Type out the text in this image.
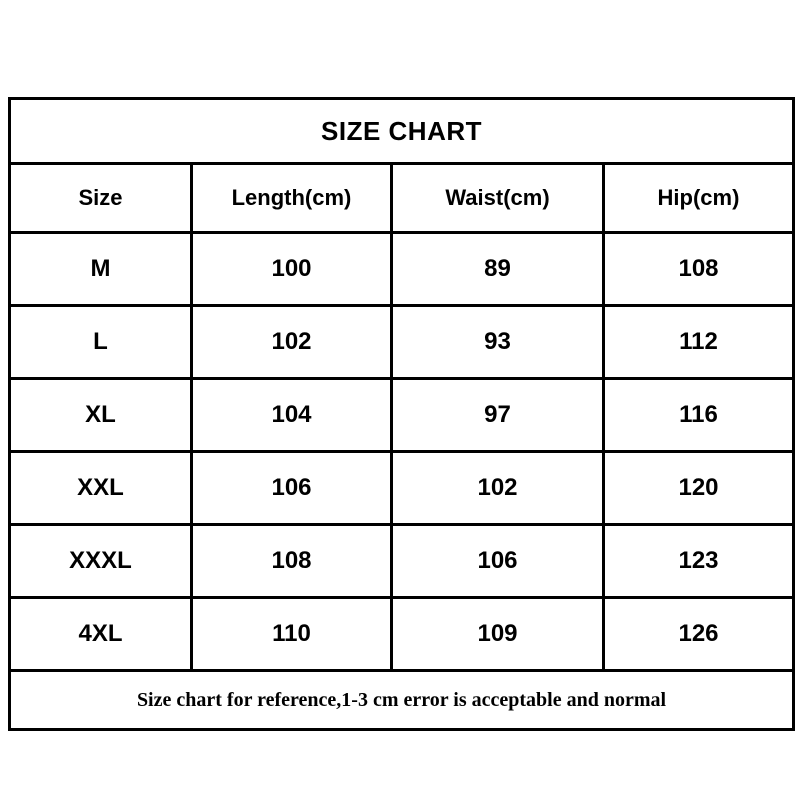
SIZE CHART			
Size	Length(cm)	Waist(cm)	Hip(cm)
M	100	89	108
L	102	93	112
XL	104	97	116
XXL	106	102	120
XXXL	108	106	123
4XL	110	109	126
Size chart for reference,1-3 cm error is acceptable and normal			
